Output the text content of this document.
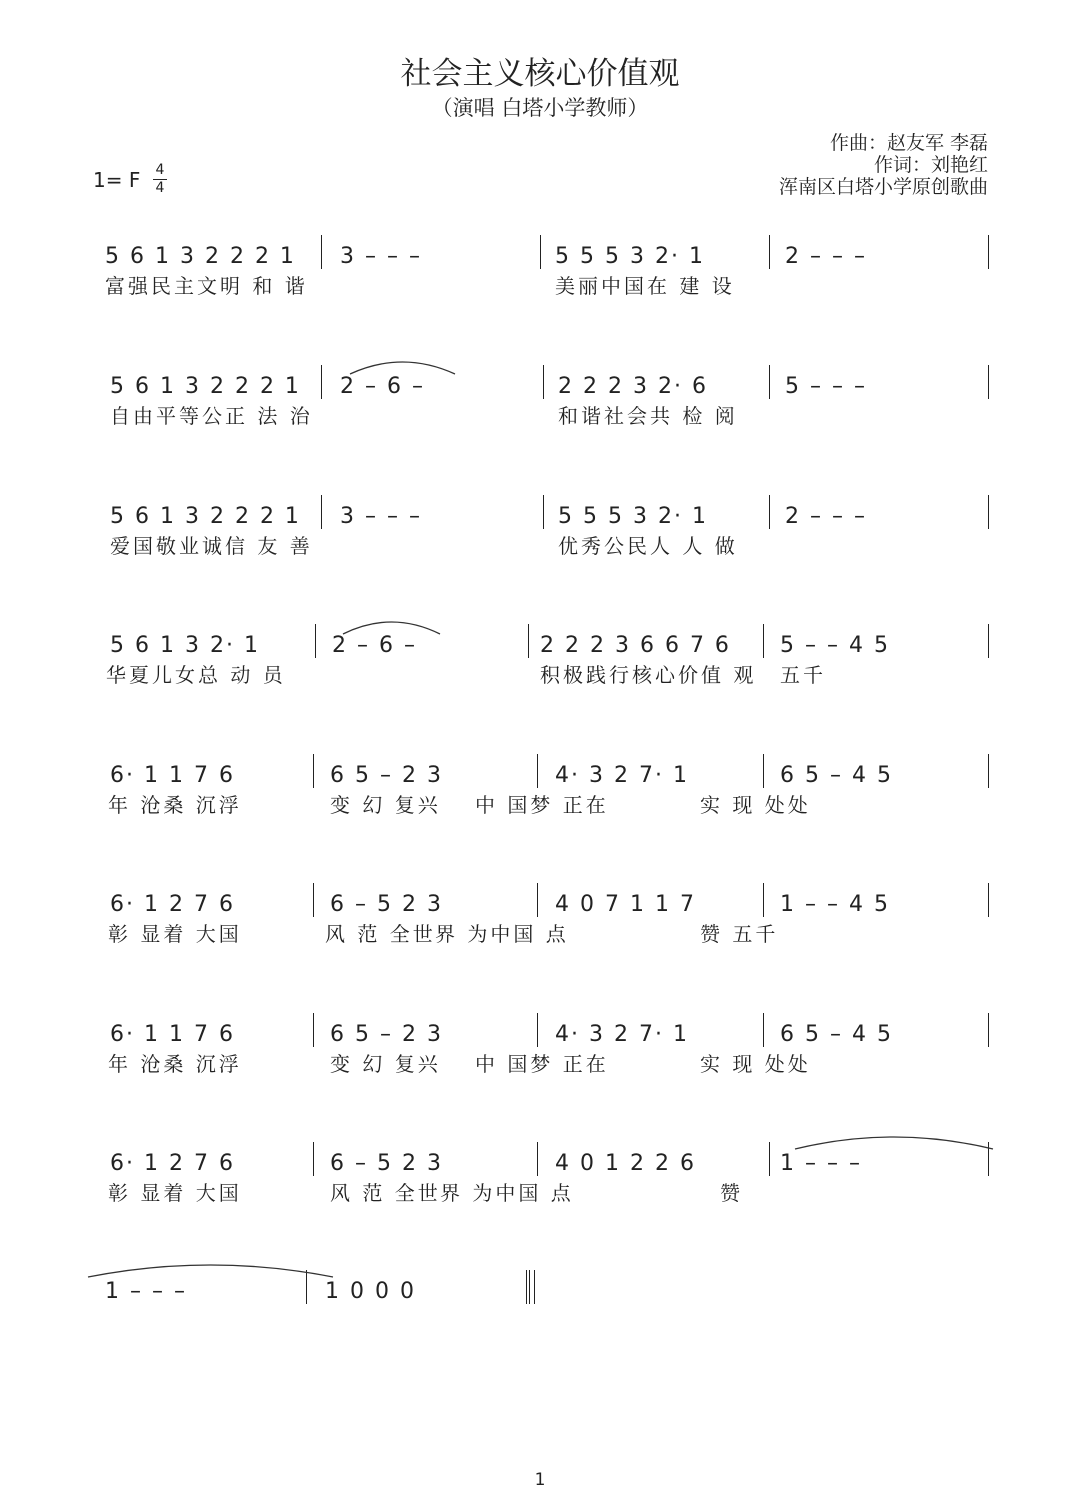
社会主义核心价值观
（演唱 白塔小学教师）
作曲：赵友军 李磊
作词：刘艳红
浑南区白塔小学原创歌曲
1= F 4
4
5 6 1 3 2 2 2 1 3 – – –	5 5 5 3 2· 1	2 – – –
富强民主文明 和 谐	美丽中国在 建 设
5 6 1 3 2 2 2 1 2 – 6 –	2 2 2 3 2· 6	5 – – –
自由平等公正 法 治	和谐社会共 检 阅
5 6 1 3 2 2 2 1 3 – – –	5 5 5 3 2· 1	2 – – –
爱国敬业诚信 友 善	优秀公民人 人 做
5 6 1 3 2· 1	2 – 6 –	2 2 2 3 6 6 7 6 5 – – 4 5
华夏儿女总 动 员	积极践行核心价值 观 五千
6· 1 1 7 6	6 5 – 2 3	4· 3 2 7· 1	6 5 – 4 5
年 沧桑 沉浮	变 幻 复兴 中 国梦 正在	实 现 处处
6· 1 2 7 6	6 – 5 2 3	4 0 7 1 1 7	1 – – 4 5
彰 显着 大国	风 范 全世 界 为中国 点	赞 五千
6· 1 1 7 6	6 5 – 2 3	4· 3 2 7· 1	6 5 – 4 5
年 沧桑 沉浮	变 幻 复兴 中 国梦 正在	实 现 处处
6· 1 2 7 6	6 – 5 2 3	4 0 1 2 2 6	1 – – –
彰 显着 大国	风 范 全世 界 为中国 点	赞
1 – – –	1 0 0 0
1
